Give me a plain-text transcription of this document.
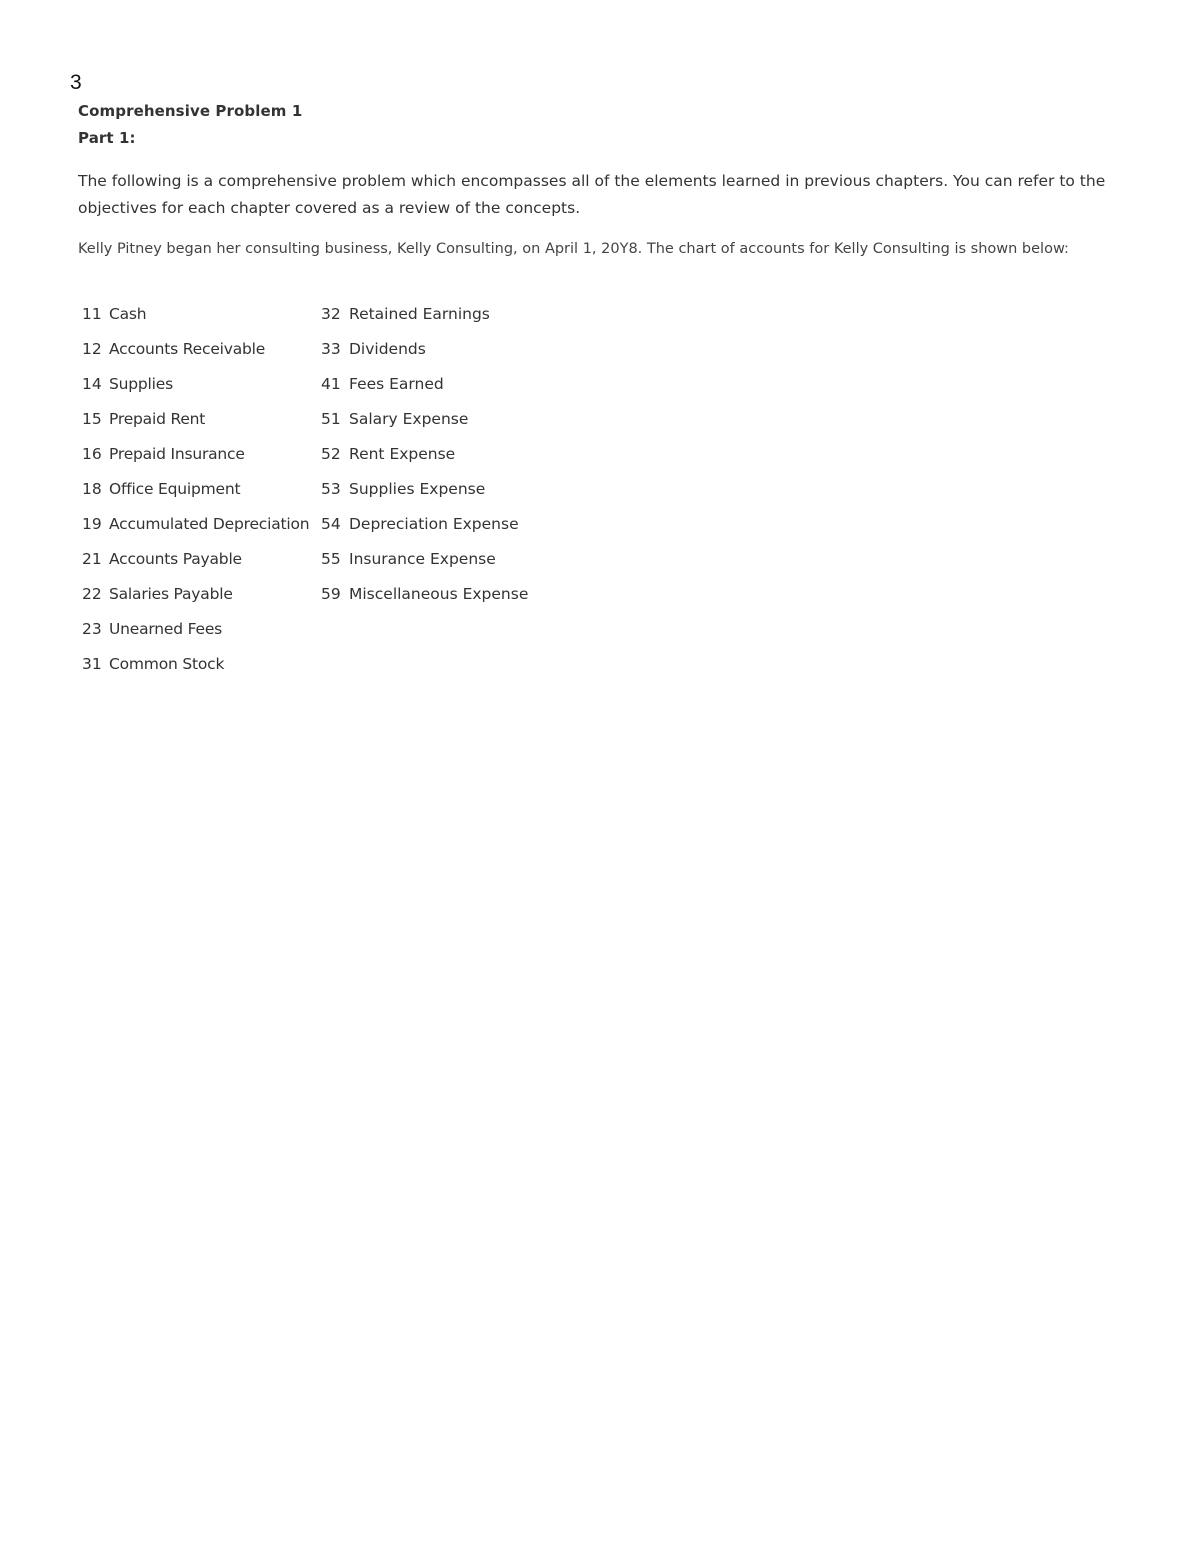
3
Comprehensive Problem 1
Part 1:

The following is a comprehensive problem which encompasses all of the elements learned in previous chapters. You can refer to the objectives for each chapter covered as a review of the concepts.

Kelly Pitney began her consulting business, Kelly Consulting, on April 1, 20Y8. The chart of accounts for Kelly Consulting is shown below:

11	Cash	32	Retained Earnings
12	Accounts Receivable	33	Dividends
14	Supplies	41	Fees Earned
15	Prepaid Rent	51	Salary Expense
16	Prepaid Insurance	52	Rent Expense
18	Office Equipment	53	Supplies Expense
19	Accumulated Depreciation	54	Depreciation Expense
21	Accounts Payable	55	Insurance Expense
22	Salaries Payable	59	Miscellaneous Expense
23	Unearned Fees		
31	Common Stock		
